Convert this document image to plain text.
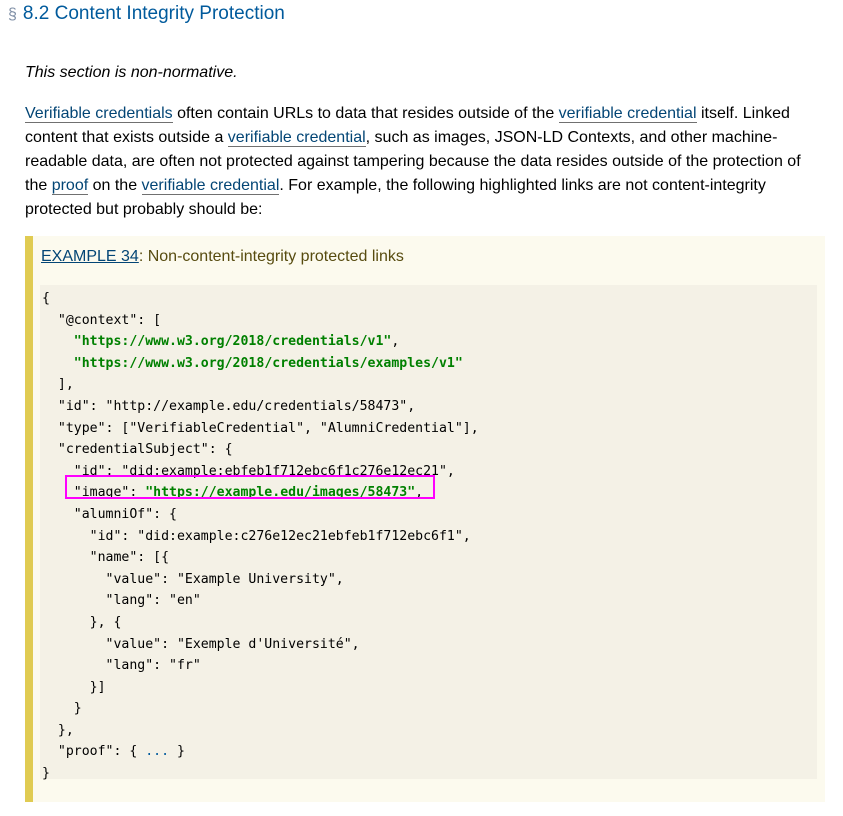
§ 8.2 Content Integrity Protection
This section is non-normative.
Verifiable credentials often contain URLs to data that resides outside of the verifiable credential itself. Linked content that exists outside a verifiable credential, such as images, JSON-LD Contexts, and other machine-readable data, are often not protected against tampering because the data resides outside of the protection of the proof on the verifiable credential. For example, the following highlighted links are not content-integrity protected but probably should be:
EXAMPLE 34: Non-content-integrity protected links
{
"@context": [
"https://www.w3.org/2018/credentials/v1",
"https://www.w3.org/2018/credentials/examples/v1"
],
"id": "http://example.edu/credentials/58473",
"type": ["VerifiableCredential", "AlumniCredential"],
"credentialSubject": {
"id": "did:example:ebfeb1f712ebc6f1c276e12ec21",
"image": "https://example.edu/images/58473",
"alumniOf": {
"id": "did:example:c276e12ec21ebfeb1f712ebc6f1",
"name": [{
"value": "Example University",
"lang": "en"
}, {
"value": "Exemple d'Université",
"lang": "fr"
}]
}
},
"proof": { ... }
}
